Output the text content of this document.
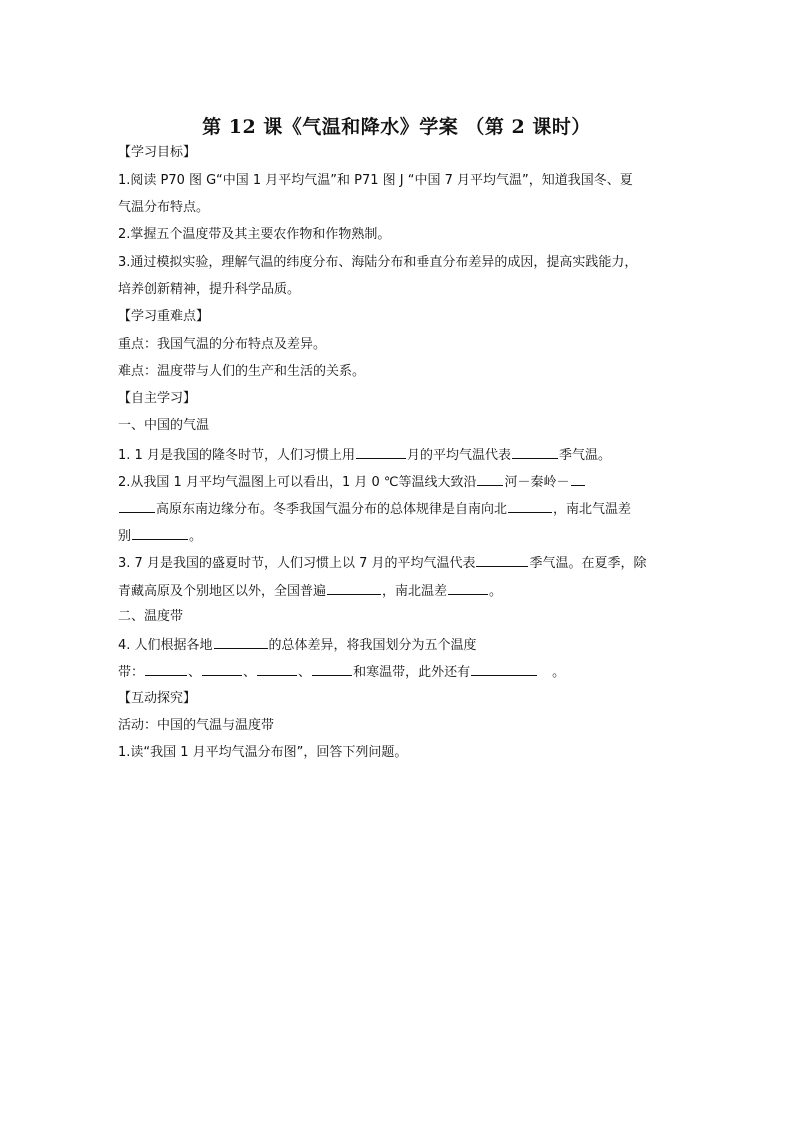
第 12 课《气温和降水》学案 （第 2 课时）
【学习目标】
1.阅读 P70 图 G“中国 1 月平均气温”和 P71 图 J “中国 7 月平均气温”，知道我国冬、夏
气温分布特点。
2.掌握五个温度带及其主要农作物和作物熟制。
3.通过模拟实验，理解气温的纬度分布、海陆分布和垂直分布差异的成因，提高实践能力，
培养创新精神，提升科学品质。
【学习重难点】
重点：我国气温的分布特点及差异。
难点：温度带与人们的生产和生活的关系。
【自主学习】
一、中国的气温
1. 1 月是我国的隆冬时节，人们习惯上用	月的平均气温代表	季气温。
2.从我国 1 月平均气温图上可以看出，1 月 0 ℃等温线大致沿 河－秦岭－
高原东南边缘分布。冬季我国气温分布的总体规律是自南向北	，南北气温差
别	。
3. 7 月是我国的盛夏时节，人们习惯上以 7 月的平均气温代表	季气温。在夏季，除
青藏高原及个别地区以外，全国普遍	，南北温差	。
二、温度带
4. 人们根据各地	的总体差异，将我国划分为五个温度
带：	、	、	、	和寒温带，此外还有	。
【互动探究】
活动：中国的气温与温度带
1.读“我国 1 月平均气温分布图”，回答下列问题。
